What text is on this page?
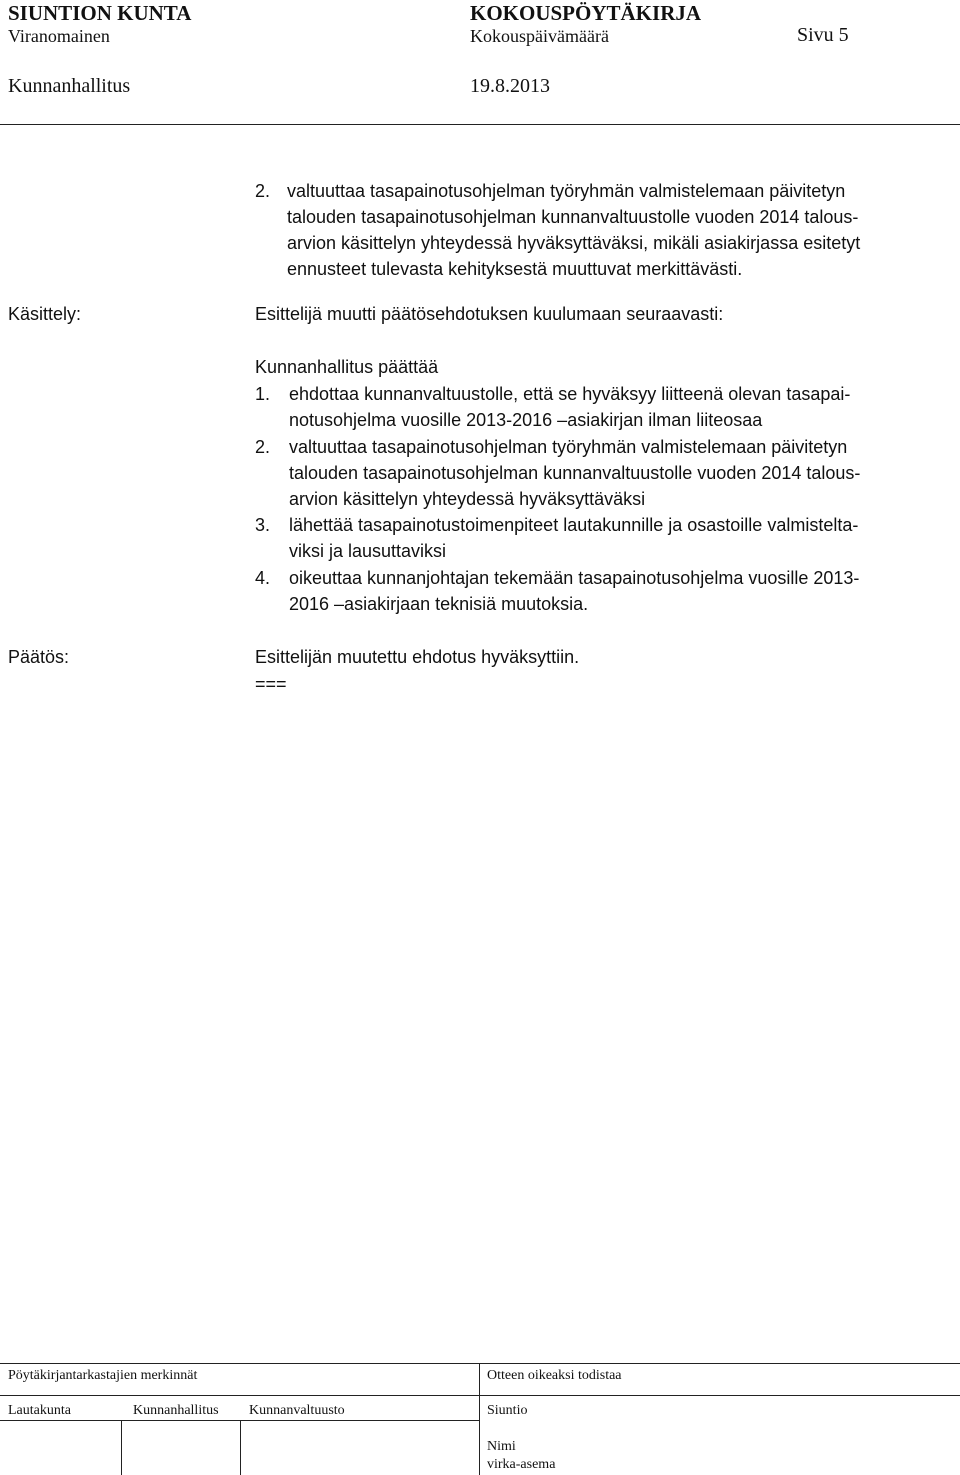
SIUNTION KUNTA	KOKOUSPÖYTÄKIRJA
Viranomainen	Kokouspäivämäärä	Sivu 5
Kunnanhallitus	19.8.2013
2. valtuuttaa tasapainotusohjelman työryhmän valmistelemaan päivitetyn
talouden tasapainotusohjelman kunnanvaltuustolle vuoden 2014 talous-
arvion käsittelyn yhteydessä hyväksyttäväksi, mikäli asiakirjassa esitetyt
ennusteet tulevasta kehityksestä muuttuvat merkittävästi.
Käsittely:	Esittelijä muutti päätösehdotuksen kuulumaan seuraavasti:
Kunnanhallitus päättää
1. ehdottaa kunnanvaltuustolle, että se hyväksyy liitteenä olevan tasapai-
notusohjelma vuosille 2013-2016 –asiakirjan ilman liiteosaa
2. valtuuttaa tasapainotusohjelman työryhmän valmistelemaan päivitetyn
talouden tasapainotusohjelman kunnanvaltuustolle vuoden 2014 talous-
arvion käsittelyn yhteydessä hyväksyttäväksi
3. lähettää tasapainotustoimenpiteet lautakunnille ja osastoille valmistelta-
viksi ja lausuttaviksi
4. oikeuttaa kunnanjohtajan tekemään tasapainotusohjelma vuosille 2013-
2016 –asiakirjaan teknisiä muutoksia.
Päätös:	Esittelijän muutettu ehdotus hyväksyttiin.
===
Pöytäkirjantarkastajien merkinnät	Otteen oikeaksi todistaa
Lautakunta	Kunnanhallitus Kunnanvaltuusto	Siuntio
Nimi
virka-asema
